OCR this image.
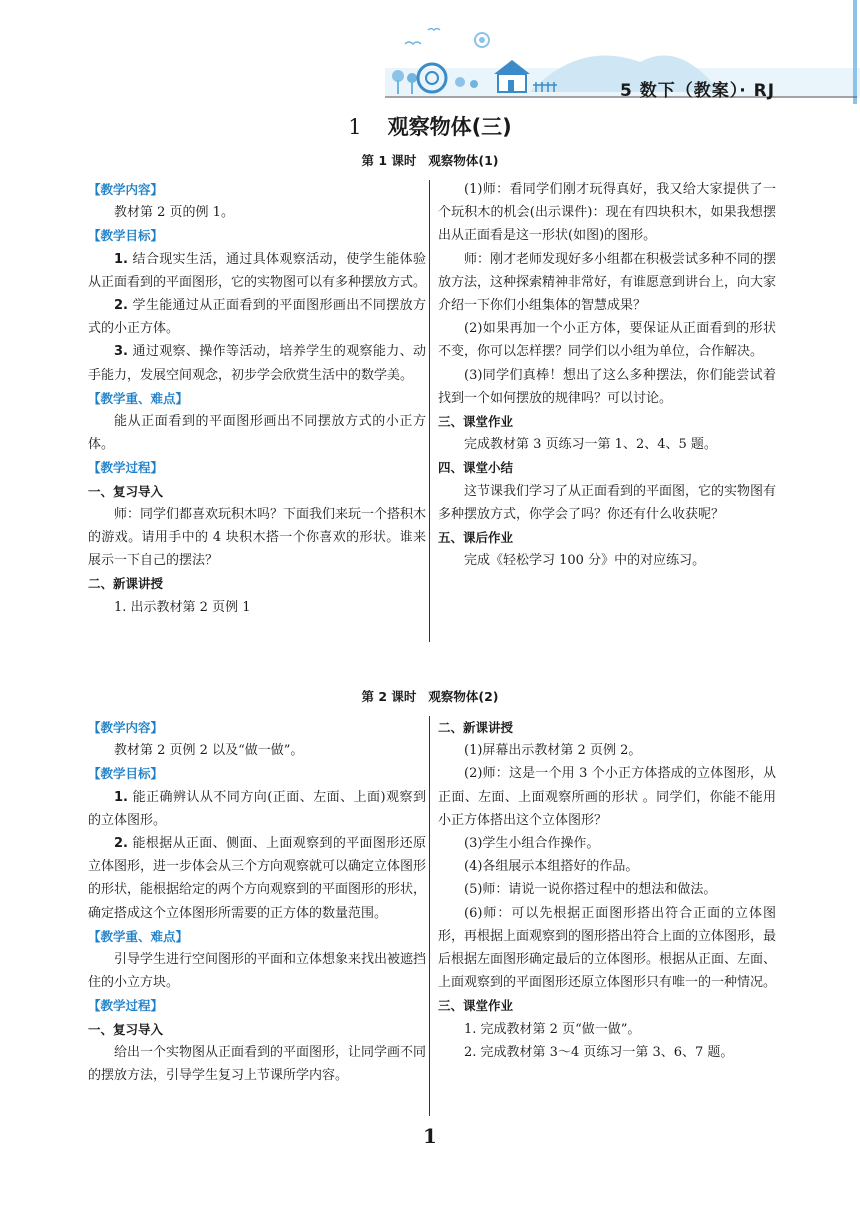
5 数下（教案）· RJ
1 观察物体(三)
第 1 课时 观察物体(1)

【教学内容】

教材第 2 页的例 1。

【教学目标】

1. 结合现实生活，通过具体观察活动，使学生能体验从正面看到的平面图形，它的实物图可以有多种摆放方式。

2. 学生能通过从正面看到的平面图形画出不同摆放方式的小正方体。

3. 通过观察、操作等活动，培养学生的观察能力、动手能力，发展空间观念，初步学会欣赏生活中的数学美。

【教学重、难点】

能从正面看到的平面图形画出不同摆放方式的小正方体。

【教学过程】

一、复习导入

师：同学们都喜欢玩积木吗？下面我们来玩一个搭积木的游戏。请用手中的 4 块积木搭一个你喜欢的形状。谁来展示一下自己的摆法？

二、新课讲授

1. 出示教材第 2 页例 1

(1)师：看同学们刚才玩得真好，我又给大家提供了一个玩积木的机会(出示课件)：现在有四块积木，如果我想摆出从正面看是这一形状(如图)的图形。

师：刚才老师发现好多小组都在积极尝试多种不同的摆放方法，这种探索精神非常好，有谁愿意到讲台上，向大家介绍一下你们小组集体的智慧成果？

(2)如果再加一个小正方体，要保证从正面看到的形状不变，你可以怎样摆？同学们以小组为单位，合作解决。

(3)同学们真棒！想出了这么多种摆法，你们能尝试着找到一个如何摆放的规律吗？可以讨论。

三、课堂作业

完成教材第 3 页练习一第 1、2、4、5 题。

四、课堂小结

这节课我们学习了从正面看到的平面图，它的实物图有多种摆放方式，你学会了吗？你还有什么收获呢？

五、课后作业

完成《轻松学习 100 分》中的对应练习。

第 2 课时 观察物体(2)

【教学内容】

教材第 2 页例 2 以及“做一做”。

【教学目标】

1. 能正确辨认从不同方向(正面、左面、上面)观察到的立体图形。

2. 能根据从正面、侧面、上面观察到的平面图形还原立体图形，进一步体会从三个方向观察就可以确定立体图形的形状，能根据给定的两个方向观察到的平面图形的形状，确定搭成这个立体图形所需要的正方体的数量范围。

【教学重、难点】

引导学生进行空间图形的平面和立体想象来找出被遮挡住的小立方块。

【教学过程】

一、复习导入

给出一个实物图从正面看到的平面图形，让同学画不同的摆放方法，引导学生复习上节课所学内容。

二、新课讲授

(1)屏幕出示教材第 2 页例 2。

(2)师：这是一个用 3 个小正方体搭成的立体图形，从正面、左面、上面观察所画的形状 。同学们，你能不能用小正方体搭出这个立体图形？

(3)学生小组合作操作。

(4)各组展示本组搭好的作品。

(5)师：请说一说你搭过程中的想法和做法。

(6)师：可以先根据正面图形搭出符合正面的立体图形，再根据上面观察到的图形搭出符合上面的立体图形，最后根据左面图形确定最后的立体图形。根据从正面、左面、上面观察到的平面图形还原立体图形只有唯一的一种情况。

三、课堂作业

1. 完成教材第 2 页“做一做”。

2. 完成教材第 3～4 页练习一第 3、6、7 题。

1
